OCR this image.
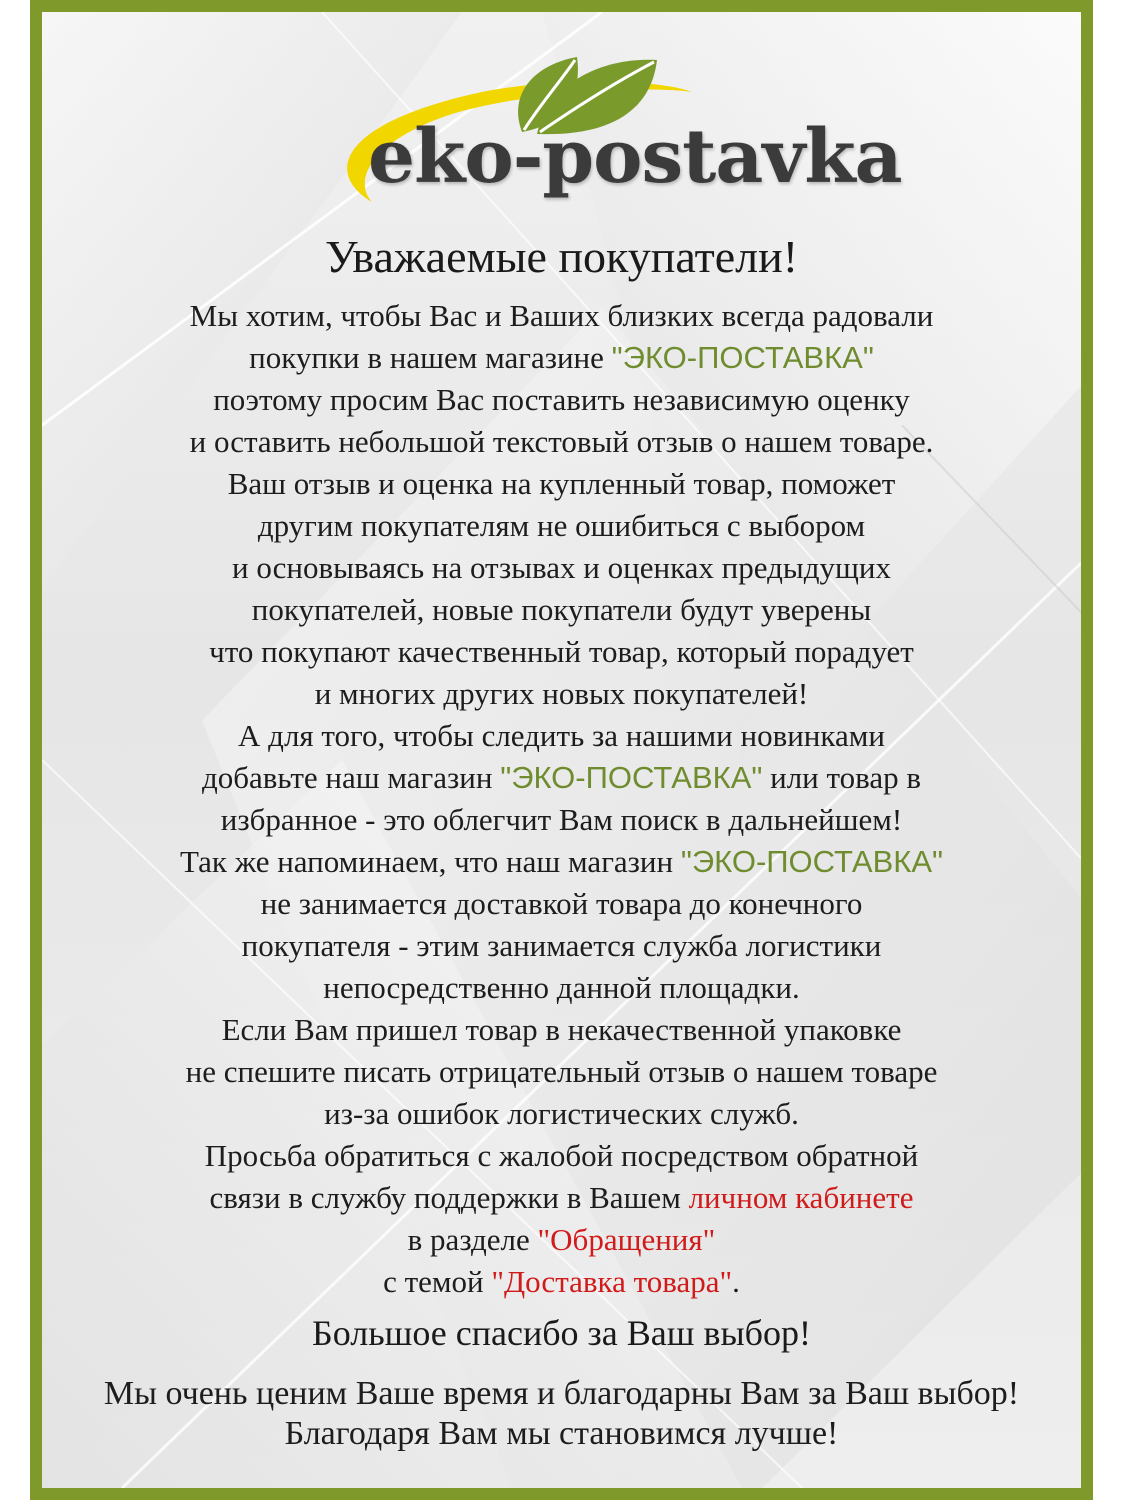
eko-postavka
Уважаемые покупатели!
Мы хотим, чтобы Вас и Ваших близких всегда радовали
покупки в нашем магазине "ЭКО-ПОСТАВКА"
поэтому просим Вас поставить независимую оценку
и оставить небольшой текстовый отзыв о нашем товаре.
Ваш отзыв и оценка на купленный товар, поможет
другим покупателям не ошибиться с выбором
и основываясь на отзывах и оценках предыдущих
покупателей, новые покупатели будут уверены
что покупают качественный товар, который порадует
и многих других новых покупателей!
А для того, чтобы следить за нашими новинками
добавьте наш магазин "ЭКО-ПОСТАВКА" или товар в
избранное - это облегчит Вам поиск в дальнейшем!
Так же напоминаем, что наш магазин "ЭКО-ПОСТАВКА"
не занимается доставкой товара до конечного
покупателя - этим занимается служба логистики
непосредственно данной площадки.
Если Вам пришел товар в некачественной упаковке
не спешите писать отрицательный отзыв о нашем товаре
из-за ошибок логистических служб.
Просьба обратиться с жалобой посредством обратной
связи в службу поддержки в Вашем личном кабинете
в разделе "Обращения"
с темой "Доставка товара".
Большое спасибо за Ваш выбор!
Мы очень ценим Ваше время и благодарны Вам за Ваш выбор!
Благодаря Вам мы становимся лучше!
